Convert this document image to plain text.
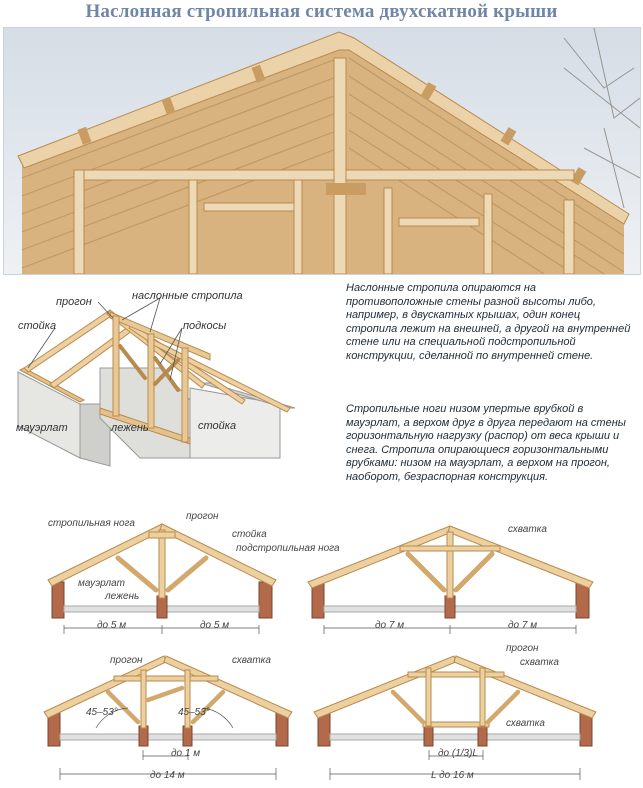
Наслонная стропильная система двухскатной крыши
прогон	наслонные стропила
стойка	подкосы
мауэрлат	лежень	стойка
Наслонные стропила опираются на противоположные стены разной высоты либо, например, в двускатных крышах, один конец стропила лежит на внешней, а другой на внутренней стене или на специальной подстропильной конструкции, сделанной по внутренней стене.
Стропильные ноги низом упертые врубкой в мауэрлат, а верхом друг в друга передают на стены горизонтальную нагрузку (распор) от веса крыши и снега. Стропила опирающиеся горизонтальными врубками: низом на мауэрлат, а верхом на прогон, наоборот, безраспорная конструкция.
стропильная нога
прогон
стойка
подстропильная нога
мауэрлат
лежень
до 5 м	до 5 м
схватка
до 7 м	до 7 м
прогон	схватка
45–53°	45–53°
до 1 м
до 14 м
прогон
схватка
схватка
до (1/3)L
L до 16 м
